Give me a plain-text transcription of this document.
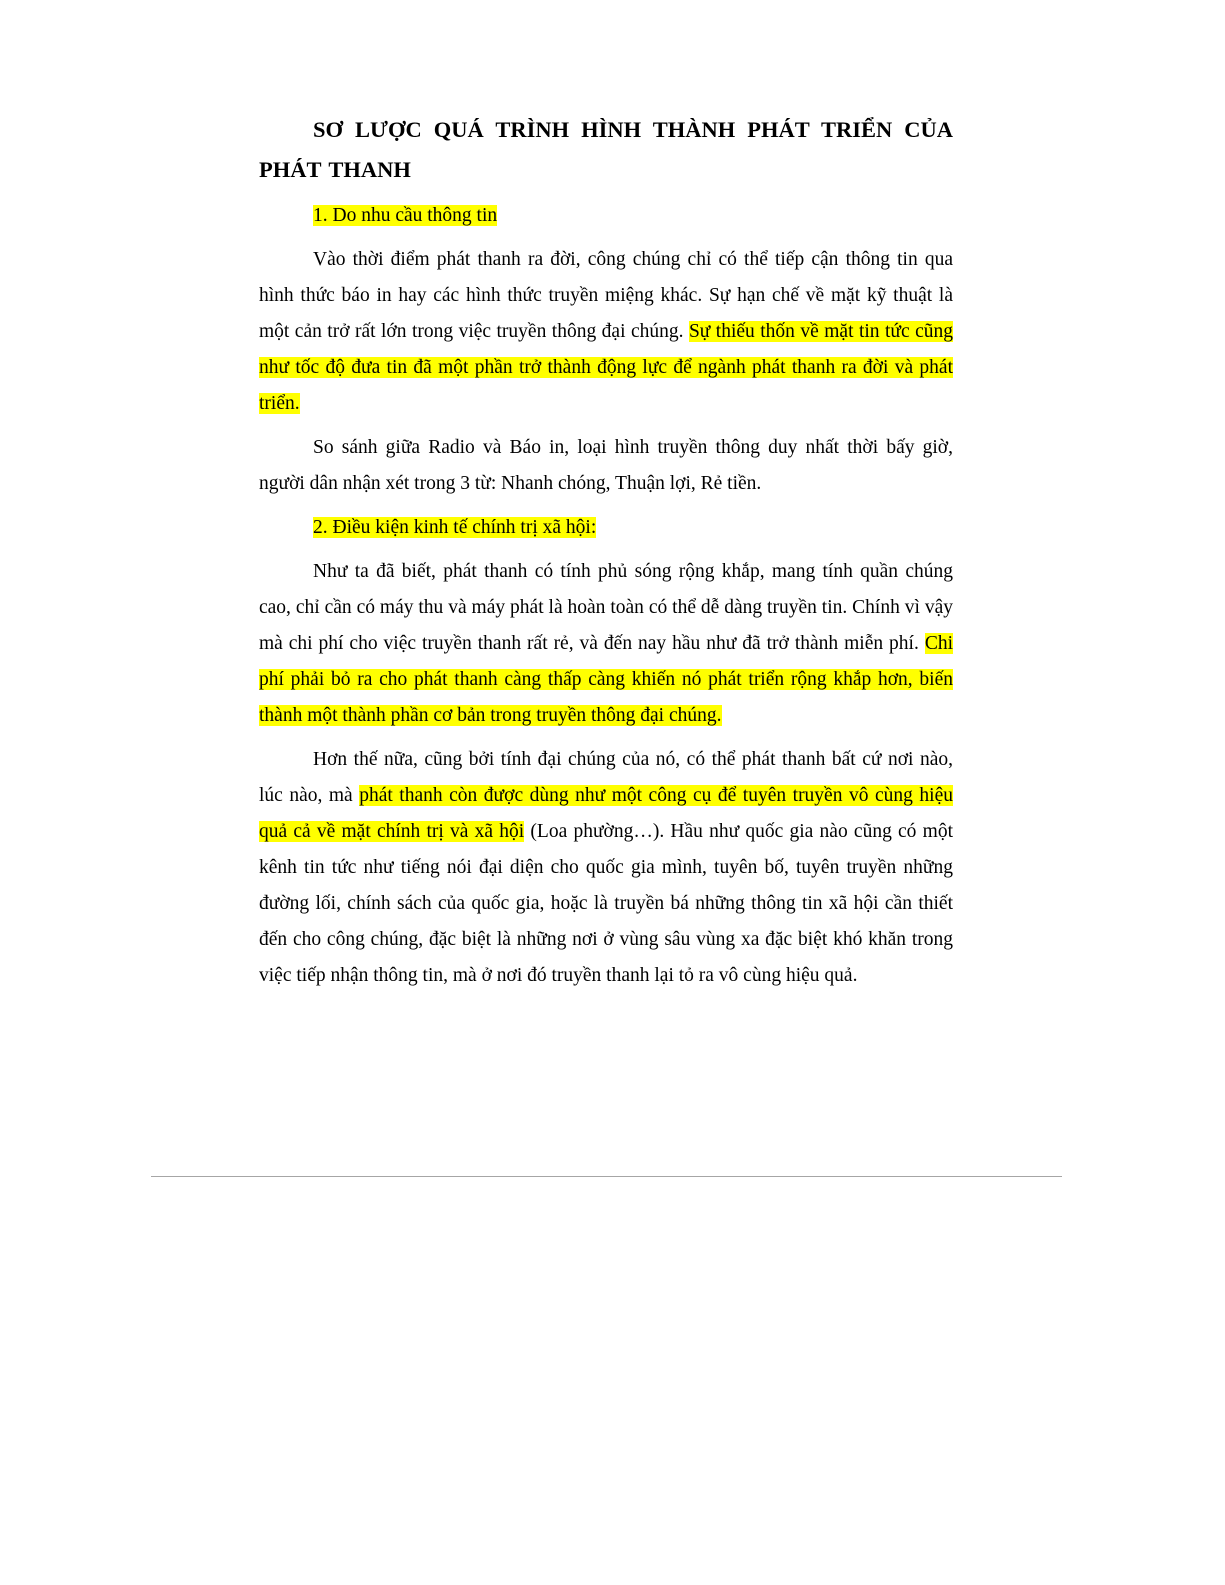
SƠ LƯỢC QUÁ TRÌNH HÌNH THÀNH PHÁT TRIỂN CỦA PHÁT THANH
1. Do nhu cầu thông tin

Vào thời điểm phát thanh ra đời, công chúng chỉ có thể tiếp cận thông tin qua hình thức báo in hay các hình thức truyền miệng khác. Sự hạn chế về mặt kỹ thuật là một cản trở rất lớn trong việc truyền thông đại chúng. Sự thiếu thốn về mặt tin tức cũng như tốc độ đưa tin đã một phần trở thành động lực để ngành phát thanh ra đời và phát triển.

So sánh giữa Radio và Báo in, loại hình truyền thông duy nhất thời bấy giờ, người dân nhận xét trong 3 từ: Nhanh chóng, Thuận lợi, Rẻ tiền.

2. Điều kiện kinh tế chính trị xã hội:

Như ta đã biết, phát thanh có tính phủ sóng rộng khắp, mang tính quần chúng cao, chỉ cần có máy thu và máy phát là hoàn toàn có thể dễ dàng truyền tin. Chính vì vậy mà chi phí cho việc truyền thanh rất rẻ, và đến nay hầu như đã trở thành miễn phí. Chi phí phải bỏ ra cho phát thanh càng thấp càng khiến nó phát triển rộng khắp hơn, biến thành một thành phần cơ bản trong truyền thông đại chúng.

Hơn thế nữa, cũng bởi tính đại chúng của nó, có thể phát thanh bất cứ nơi nào, lúc nào, mà phát thanh còn được dùng như một công cụ để tuyên truyền vô cùng hiệu quả cả về mặt chính trị và xã hội (Loa phường…). Hầu như quốc gia nào cũng có một kênh tin tức như tiếng nói đại diện cho quốc gia mình, tuyên bố, tuyên truyền những đường lối, chính sách của quốc gia, hoặc là truyền bá những thông tin xã hội cần thiết đến cho công chúng, đặc biệt là những nơi ở vùng sâu vùng xa đặc biệt khó khăn trong việc tiếp nhận thông tin, mà ở nơi đó truyền thanh lại tỏ ra vô cùng hiệu quả.
